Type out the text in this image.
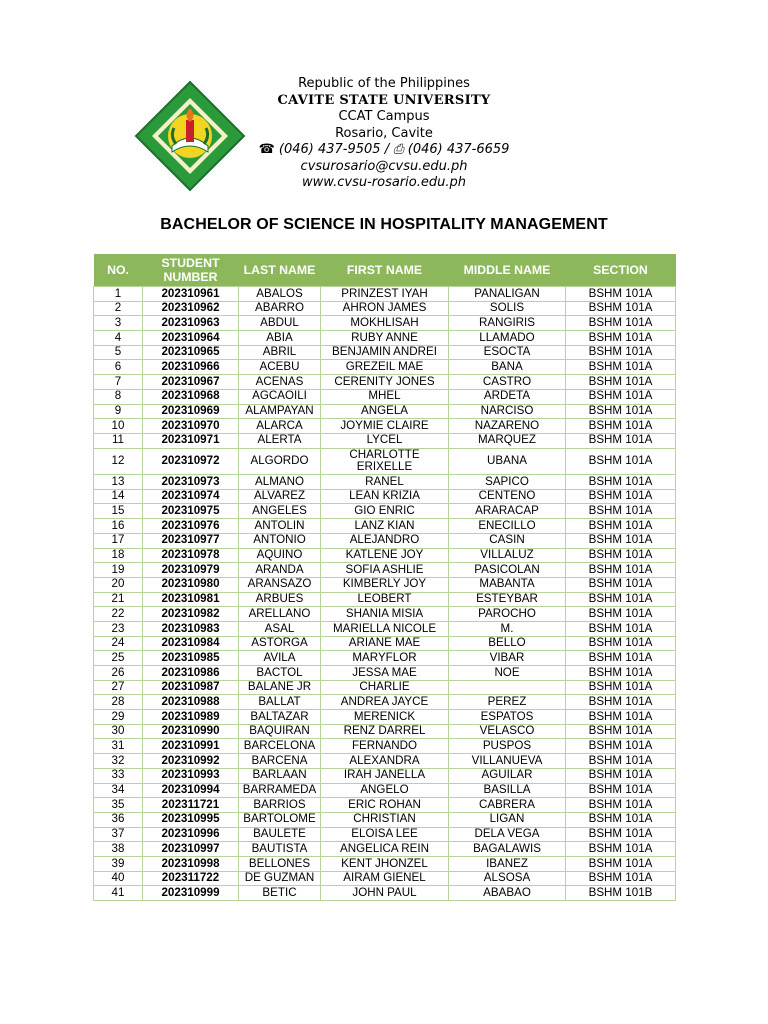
Republic of the Philippines
CAVITE STATE UNIVERSITY
CCAT Campus
Rosario, Cavite
☎ (046) 437-9505 / ⎙ (046) 437-6659
cvsurosario@cvsu.edu.ph
www.cvsu-rosario.edu.ph
BACHELOR OF SCIENCE IN HOSPITALITY MANAGEMENT
NO.	STUDENT NUMBER	LAST NAME	FIRST NAME	MIDDLE NAME	SECTION
1	202310961	ABALOS	PRINZEST IYAH	PANALIGAN	BSHM 101A
2	202310962	ABARRO	AHRON JAMES	SOLIS	BSHM 101A
3	202310963	ABDUL	MOKHLISAH	RANGIRIS	BSHM 101A
4	202310964	ABIA	RUBY ANNE	LLAMADO	BSHM 101A
5	202310965	ABRIL	BENJAMIN ANDREI	ESOCTA	BSHM 101A
6	202310966	ACEBU	GREZEIL MAE	BANA	BSHM 101A
7	202310967	ACENAS	CERENITY JONES	CASTRO	BSHM 101A
8	202310968	AGCAOILI	MHEL	ARDETA	BSHM 101A
9	202310969	ALAMPAYAN	ANGELA	NARCISO	BSHM 101A
10	202310970	ALARCA	JOYMIE CLAIRE	NAZARENO	BSHM 101A
11	202310971	ALERTA	LYCEL	MARQUEZ	BSHM 101A
12	202310972	ALGORDO	CHARLOTTE ERIXELLE	UBANA	BSHM 101A
13	202310973	ALMANO	RANEL	SAPICO	BSHM 101A
14	202310974	ALVAREZ	LEAN KRIZIA	CENTENO	BSHM 101A
15	202310975	ANGELES	GIO ENRIC	ARARACAP	BSHM 101A
16	202310976	ANTOLIN	LANZ KIAN	ENECILLO	BSHM 101A
17	202310977	ANTONIO	ALEJANDRO	CASIN	BSHM 101A
18	202310978	AQUINO	KATLENE JOY	VILLALUZ	BSHM 101A
19	202310979	ARANDA	SOFIA ASHLIE	PASICOLAN	BSHM 101A
20	202310980	ARANSAZO	KIMBERLY JOY	MABANTA	BSHM 101A
21	202310981	ARBUES	LEOBERT	ESTEYBAR	BSHM 101A
22	202310982	ARELLANO	SHANIA MISIA	PAROCHO	BSHM 101A
23	202310983	ASAL	MARIELLA NICOLE	M.	BSHM 101A
24	202310984	ASTORGA	ARIANE MAE	BELLO	BSHM 101A
25	202310985	AVILA	MARYFLOR	VIBAR	BSHM 101A
26	202310986	BACTOL	JESSA MAE	NOE	BSHM 101A
27	202310987	BALANE JR	CHARLIE		BSHM 101A
28	202310988	BALLAT	ANDREA JAYCE	PEREZ	BSHM 101A
29	202310989	BALTAZAR	MERENICK	ESPATOS	BSHM 101A
30	202310990	BAQUIRAN	RENZ DARREL	VELASCO	BSHM 101A
31	202310991	BARCELONA	FERNANDO	PUSPOS	BSHM 101A
32	202310992	BARCENA	ALEXANDRA	VILLANUEVA	BSHM 101A
33	202310993	BARLAAN	IRAH JANELLA	AGUILAR	BSHM 101A
34	202310994	BARRAMEDA	ANGELO	BASILLA	BSHM 101A
35	202311721	BARRIOS	ERIC ROHAN	CABRERA	BSHM 101A
36	202310995	BARTOLOME	CHRISTIAN	LIGAN	BSHM 101A
37	202310996	BAULETE	ELOISA LEE	DELA VEGA	BSHM 101A
38	202310997	BAUTISTA	ANGELICA REIN	BAGALAWIS	BSHM 101A
39	202310998	BELLONES	KENT JHONZEL	IBANEZ	BSHM 101A
40	202311722	DE GUZMAN	AIRAM GIENEL	ALSOSA	BSHM 101A
41	202310999	BETIC	JOHN PAUL	ABABAO	BSHM 101B
